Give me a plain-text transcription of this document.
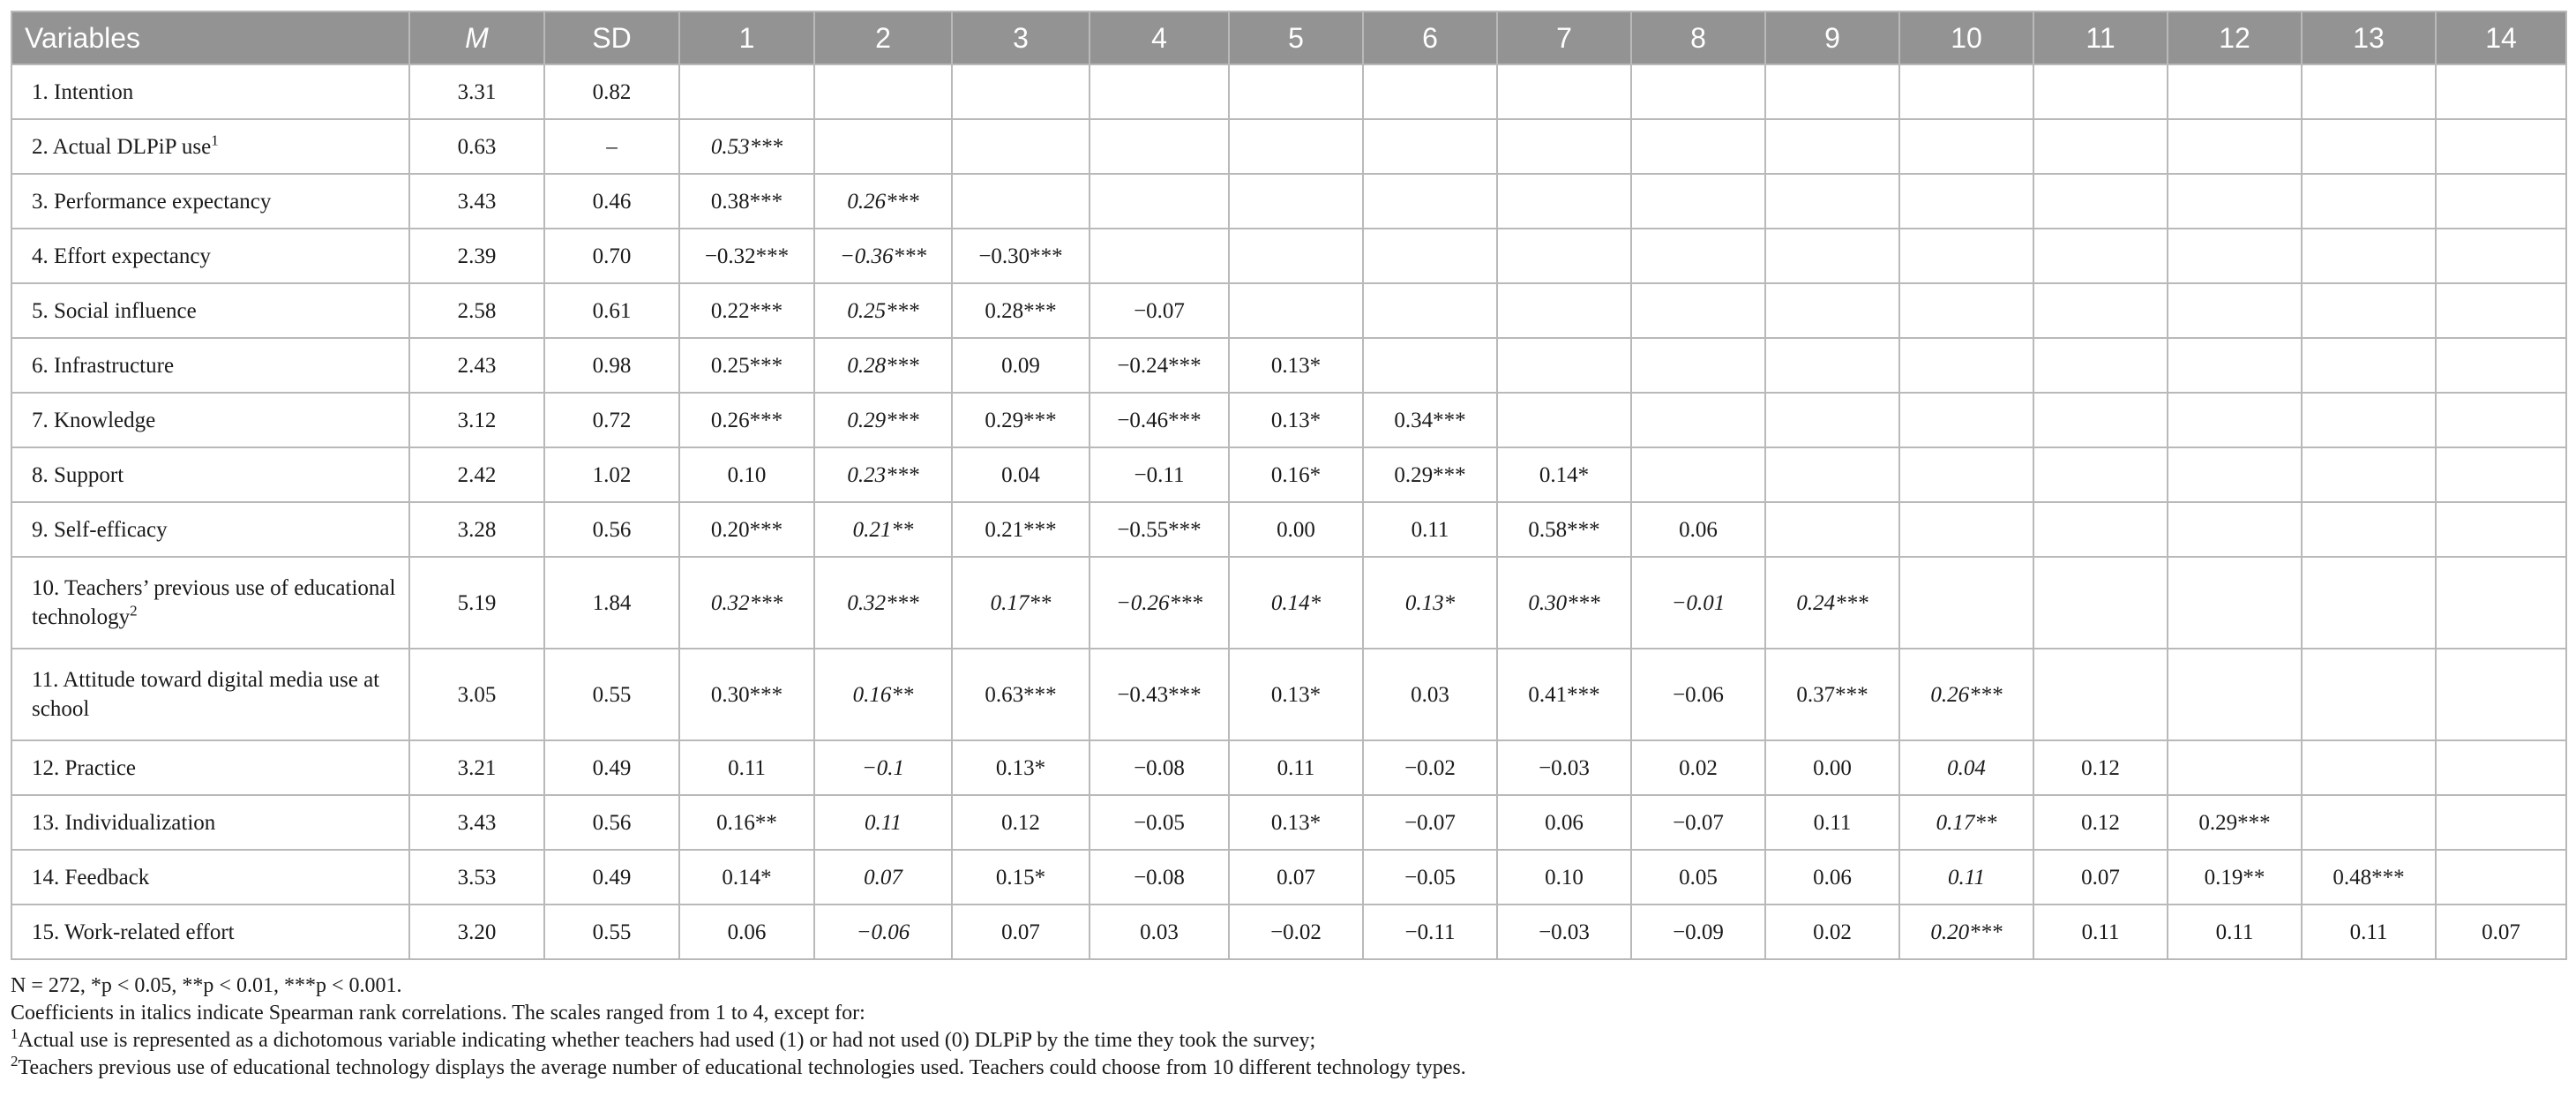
Variables	M	SD	1	2	3	4	5	6	7	8	9	10	11	12	13	14
1. Intention	3.31	0.82														
2. Actual DLPiP use$^1$	0.63	–	0.53***													
3. Performance expectancy	3.43	0.46	0.38***	0.26***												
4. Effort expectancy	2.39	0.70	−0.32***	−0.36***	−0.30***											
5. Social influence	2.58	0.61	0.22***	0.25***	0.28***	−0.07										
6. Infrastructure	2.43	0.98	0.25***	0.28***	0.09	−0.24***	0.13*									
7. Knowledge	3.12	0.72	0.26***	0.29***	0.29***	−0.46***	0.13*	0.34***								
8. Support	2.42	1.02	0.10	0.23***	0.04	−0.11	0.16*	0.29***	0.14*							
9. Self-efficacy	3.28	0.56	0.20***	0.21**	0.21***	−0.55***	0.00	0.11	0.58***	0.06						
10. Teachers’ previous use of educational technology$^2$	5.19	1.84	0.32***	0.32***	0.17**	−0.26***	0.14*	0.13*	0.30***	−0.01	0.24***					
11. Attitude toward digital media use at school	3.05	0.55	0.30***	0.16**	0.63***	−0.43***	0.13*	0.03	0.41***	−0.06	0.37***	0.26***				
12. Practice	3.21	0.49	0.11	−0.1	0.13*	−0.08	0.11	−0.02	−0.03	0.02	0.00	0.04	0.12			
13. Individualization	3.43	0.56	0.16**	0.11	0.12	−0.05	0.13*	−0.07	0.06	−0.07	0.11	0.17**	0.12	0.29***		
14. Feedback	3.53	0.49	0.14*	0.07	0.15*	−0.08	0.07	−0.05	0.10	0.05	0.06	0.11	0.07	0.19**	0.48***	
15. Work-related effort	3.20	0.55	0.06	−0.06	0.07	0.03	−0.02	−0.11	−0.03	−0.09	0.02	0.20***	0.11	0.11	0.11	0.07

N = 272, *p < 0.05, **p < 0.01, ***p < 0.001.

Coefficients in italics indicate Spearman rank correlations. The scales ranged from 1 to 4, except for:

$^1$Actual use is represented as a dichotomous variable indicating whether teachers had used (1) or had not used (0) DLPiP by the time they took the survey;

$^2$Teachers previous use of educational technology displays the average number of educational technologies used. Teachers could choose from 10 different technology types.
